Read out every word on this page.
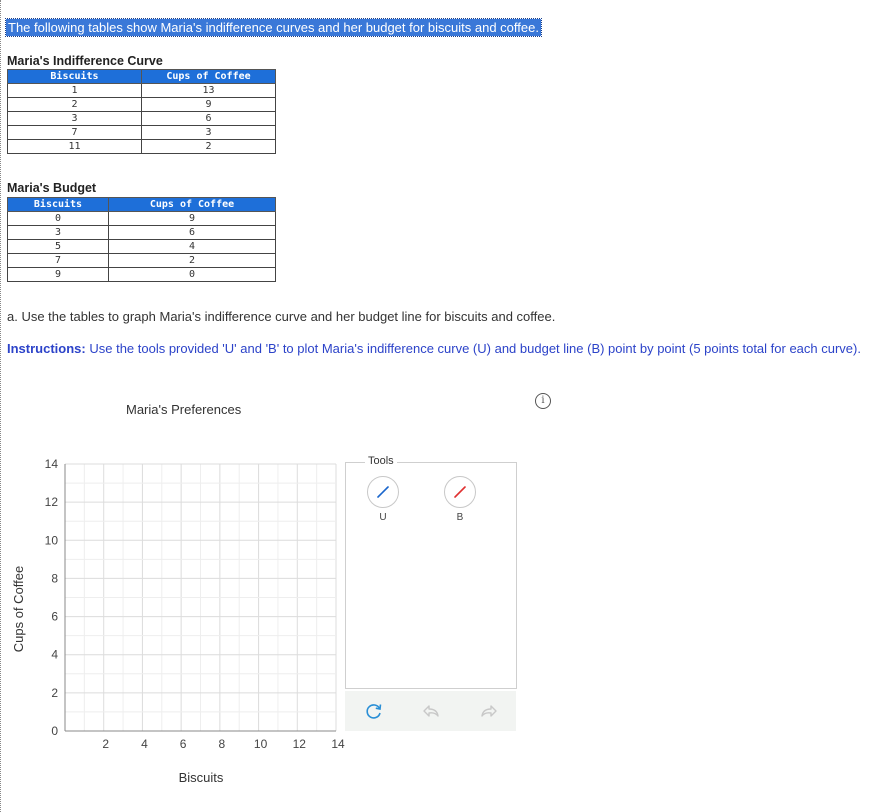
The following tables show Maria's indifference curves and her budget for biscuits and coffee.
Maria's Indifference Curve
Biscuits	Cups of Coffee
1	13
2	9
3	6
7	3
11	2
Maria's Budget
Biscuits	Cups of Coffee
0	9
3	6
5	4
7	2
9	0
a. Use the tables to graph Maria's indifference curve and her budget line for biscuits and coffee.
Instructions: Use the tools provided 'U' and 'B' to plot Maria's indifference curve (U) and budget line (B) point by point (5 points total for each curve).
i
Maria's Preferences
2	4	6	8 10 12 14
0
2
4
6
8
10
12
14
Biscuits
Cups of Coffee
Tools
U	B
